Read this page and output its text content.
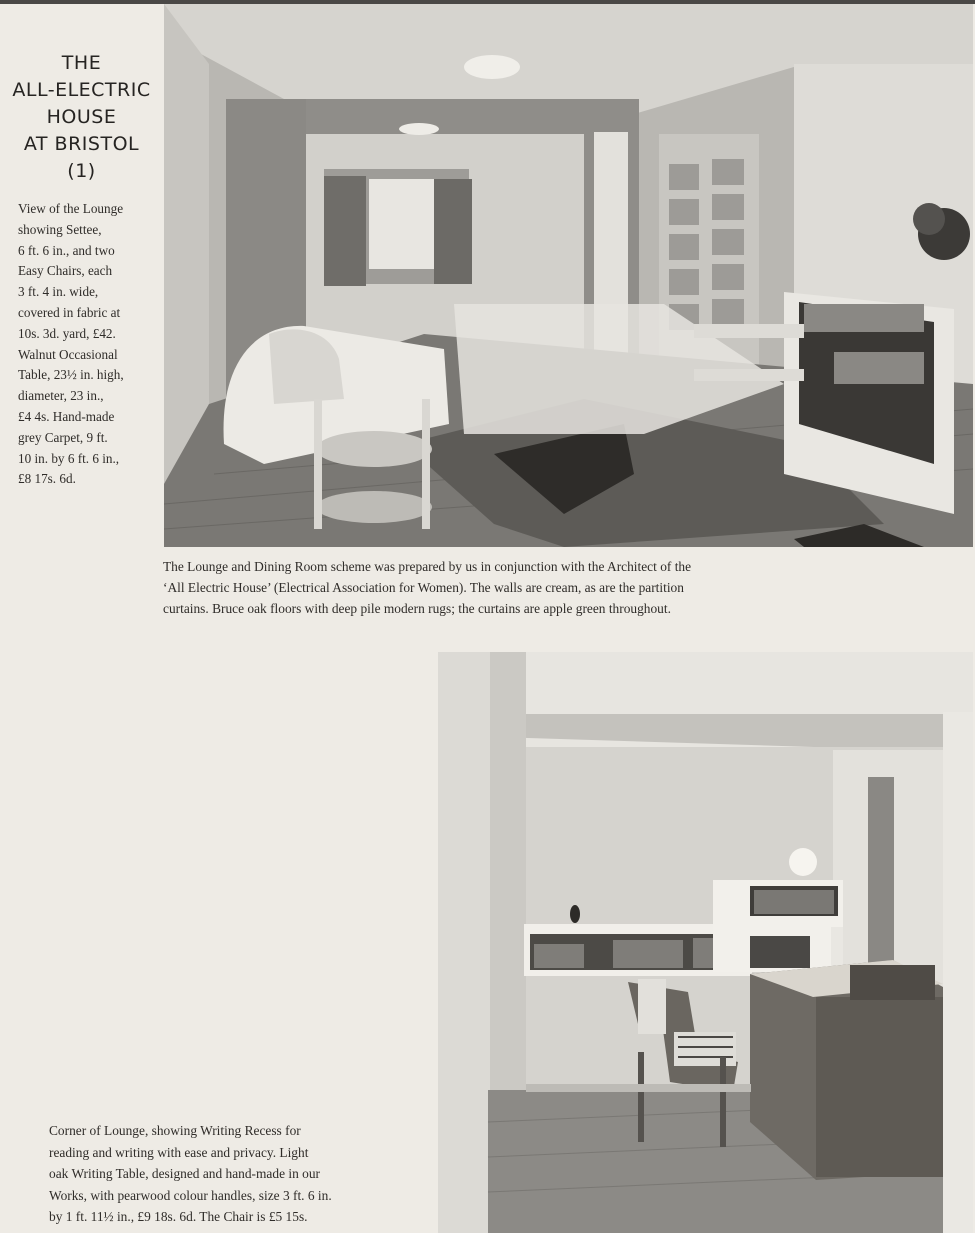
THE
ALL-ELECTRIC
HOUSE
AT BRISTOL
(1)
View of the Lounge
showing Settee,
6 ft. 6 in., and two
Easy Chairs, each
3 ft. 4 in. wide,
covered in fabric at
10s. 3d. yard, £42.
Walnut Occasional
Table, 23½ in. high,
diameter, 23 in.,
£4 4s. Hand-made
grey Carpet, 9 ft.
10 in. by 6 ft. 6 in.,
£8 17s. 6d.
The Lounge and Dining Room scheme was prepared by us in conjunction with the Architect of the
‘All Electric House’ (Electrical Association for Women). The walls are cream, as are the partition
curtains. Bruce oak floors with deep pile modern rugs; the curtains are apple green throughout.
Corner of Lounge, showing Writing Recess for
reading and writing with ease and privacy. Light
oak Writing Table, designed and hand-made in our
Works, with pearwood colour handles, size 3 ft. 6 in.
by 1 ft. 11½ in., £9 18s. 6d. The Chair is £5 15s.
